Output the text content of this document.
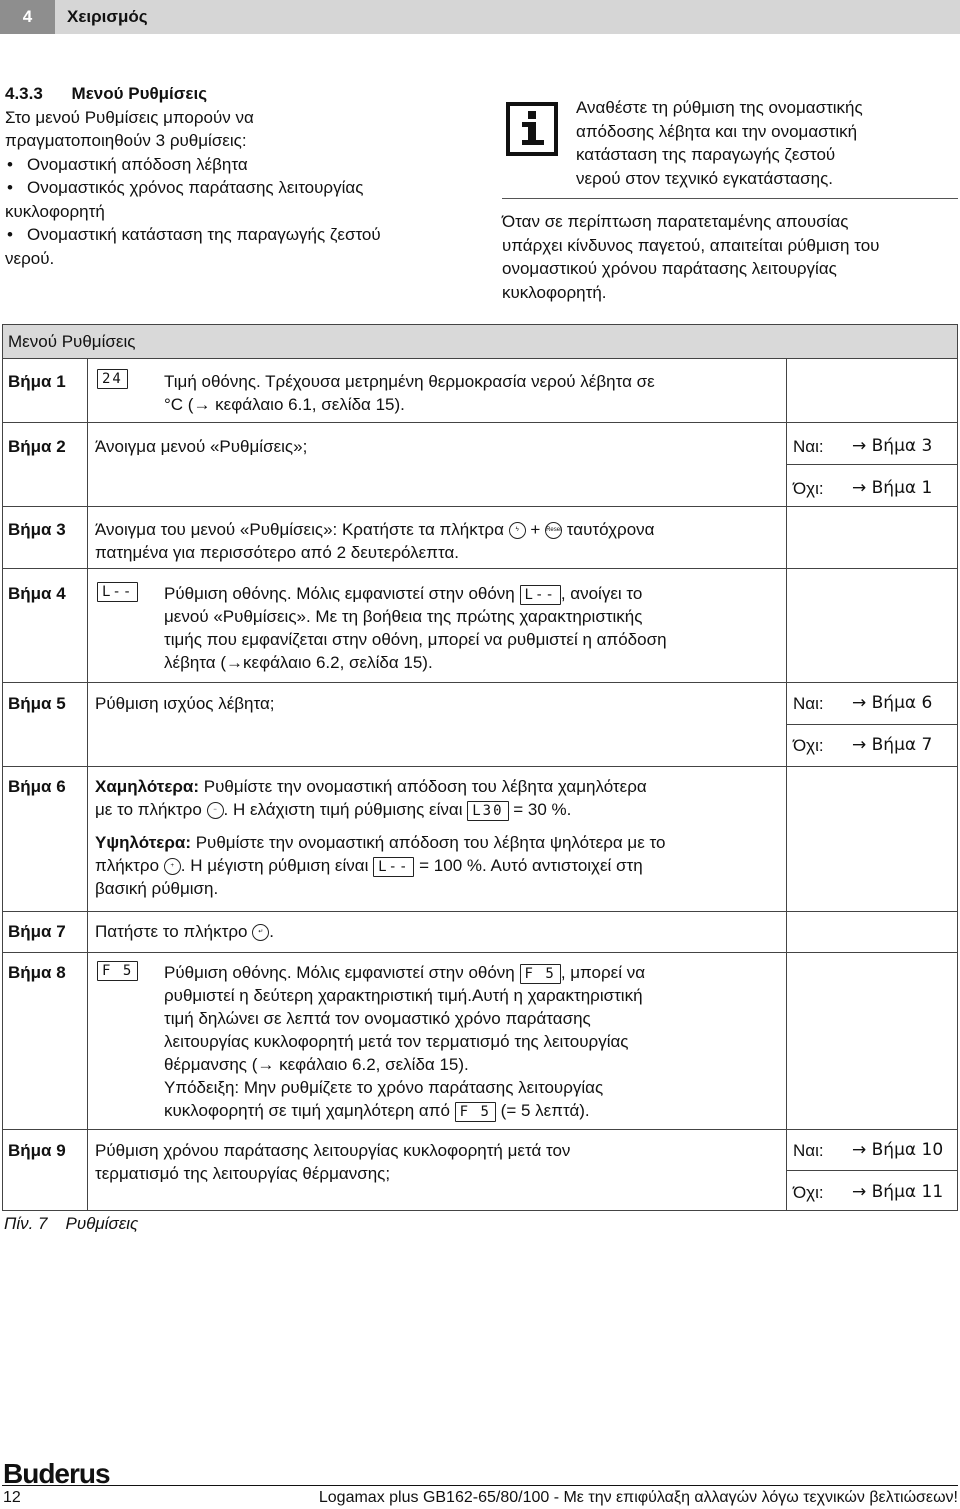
4	Χειρισμός
4.3.3 Μενού Ρυθμίσεις
Στο μενού Ρυθμίσεις μπορούν να
πραγματοποιηθούν 3 ρυθμίσεις:
• Ονομαστική απόδοση λέβητα
• Ονομαστικός χρόνος παράτασης λειτουργίας
κυκλοφορητή
• Ονομαστική κατάσταση της παραγωγής ζεστού
νερού.
Αναθέστε τη ρύθμιση της ονομαστικής
απόδοσης λέβητα και την ονομαστική
κατάσταση της παραγωγής ζεστού
νερού στον τεχνικό εγκατάστασης.
Όταν σε περίπτωση παρατεταμένης απουσίας
υπάρχει κίνδυνος παγετού, απαιτείται ρύθμιση του
ονομαστικού χρόνου παράτασης λειτουργίας
κυκλοφορητή.
Μενού Ρυθμίσεις
Βήμα 1	24 Τιμή οθόνης. Τρέχουσα μετρημένη θερμοκρασία νερού λέβητα σε
°C (→ κεφάλαιο 6.1, σελίδα 15).
Βήμα 2 Άνοιγμα μενού «Ρυθμίσεις»;	Ναι: → Βήμα 3
Όχι: → Βήμα 1
Βήμα 3 Άνοιγμα του μενού «Ρυθμίσεις»: Κρατήστε τα πλήκτρα ϟ + Reset ταυτόχρονα
πατημένα για περισσότερο από 2 δευτερόλεπτα.
Βήμα 4	L-- Ρύθμιση οθόνης. Μόλις εμφανιστεί στην οθόνη L-- , ανοίγει το
μενού «Ρυθμίσεις». Με τη βοήθεια της πρώτης χαρακτηριστικής
τιμής που εμφανίζεται στην οθόνη, μπορεί να ρυθμιστεί η απόδοση
λέβητα (→κεφάλαιο 6.2, σελίδα 15).
Βήμα 5 Ρύθμιση ισχύος λέβητα;	Ναι: → Βήμα 6
Όχι: → Βήμα 7
Βήμα 6 Χαμηλότερα: Ρυθμίστε την ονομαστική απόδοση του λέβητα χαμηλότερα
με το πλήκτρο − . Η ελάχιστη τιμή ρύθμισης είναι L30 = 30 %.
Υψηλότερα: Ρυθμίστε την ονομαστική απόδοση του λέβητα ψηλότερα με το
πλήκτρο + . Η μέγιστη ρύθμιση είναι L-- = 100 %. Αυτό αντιστοιχεί στη
βασική ρύθμιση.
Βήμα 7 Πατήστε το πλήκτρο ↵ .
Βήμα 8	F 5 Ρύθμιση οθόνης. Μόλις εμφανιστεί στην οθόνη F 5 , μπορεί να
ρυθμιστεί η δεύτερη χαρακτηριστική τιμή.Αυτή η χαρακτηριστική
τιμή δηλώνει σε λεπτά τον ονομαστικό χρόνο παράτασης
λειτουργίας κυκλοφορητή μετά τον τερματισμό της λειτουργίας
θέρμανσης (→ κεφάλαιο 6.2, σελίδα 15).
Υπόδειξη: Μην ρυθμίζετε το χρόνο παράτασης λειτουργίας
κυκλοφορητή σε τιμή χαμηλότερη από F 5 (= 5 λεπτά).
Βήμα 9 Ρύθμιση χρόνου παράτασης λειτουργίας κυκλοφορητή μετά τον
τερματισμό της λειτουργίας θέρμανσης;
Ναι: → Βήμα 10
Όχι: → Βήμα 11
Πίν. 7 Ρυθμίσεις
Buderus
12	Logamax plus GB162-65/80/100 - Με την επιφύλαξη αλλαγών λόγω τεχνικών βελτιώσεων!
